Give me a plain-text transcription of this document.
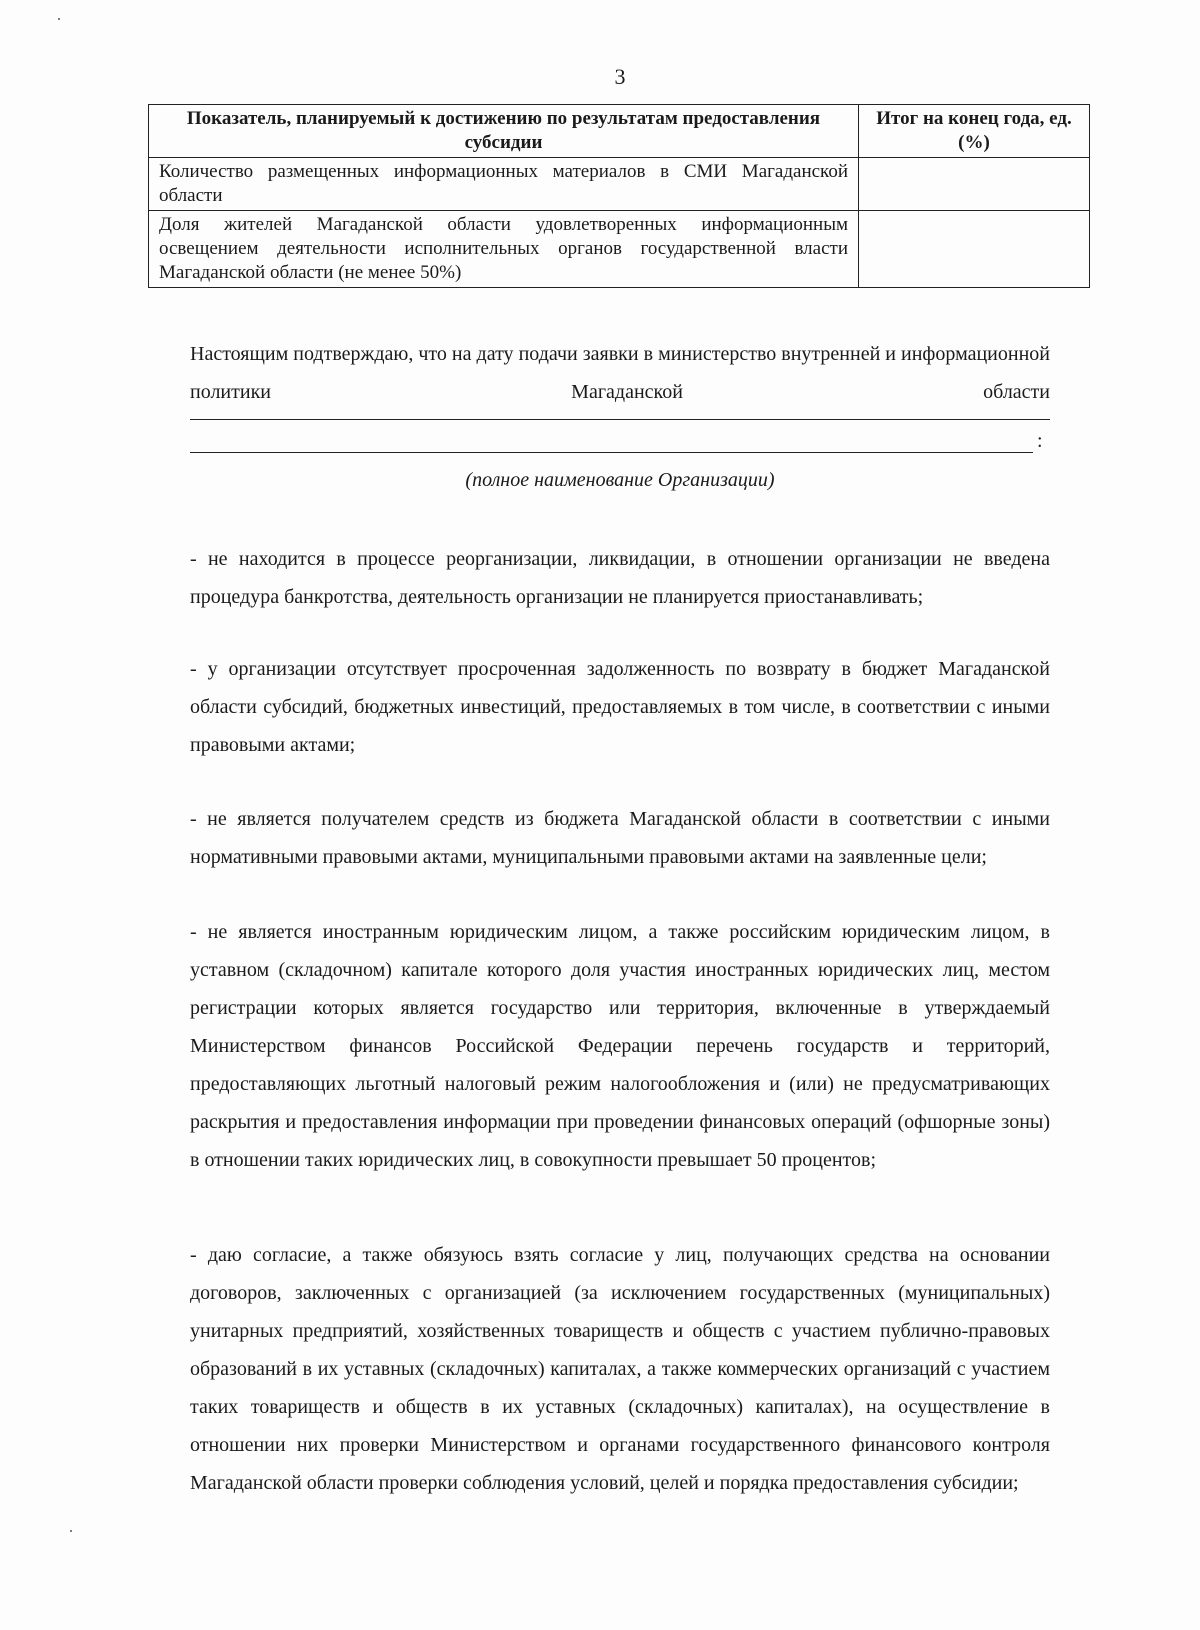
3
Показатель, планируемый к достижению по результатам предоставления субсидии	Итог на конец года, ед. (%)
Количество размещенных информационных материалов в СМИ Магаданской области	
Доля жителей Магаданской области удовлетворенных информационным освещением деятельности исполнительных органов государственной власти Магаданской области (не менее 50%)	

Настоящим подтверждаю, что на дату подачи заявки в министерство внутренней и информационной политики Магаданской области

:
(полное наименование Организации)

- не находится в процессе реорганизации, ликвидации, в отношении организации не введена процедура банкротства, деятельность организации не планируется приостанавливать;

- у организации отсутствует просроченная задолженность по возврату в бюджет Магаданской области субсидий, бюджетных инвестиций, предоставляемых в том числе, в соответствии с иными правовыми актами;

- не является получателем средств из бюджета Магаданской области в соответствии с иными нормативными правовыми актами, муниципальными правовыми актами на заявленные цели;

- не является иностранным юридическим лицом, а также российским юридическим лицом, в уставном (складочном) капитале которого доля участия иностранных юридических лиц, местом регистрации которых является государство или территория, включенные в утверждаемый Министерством финансов Российской Федерации перечень государств и территорий, предоставляющих льготный налоговый режим налогообложения и (или) не предусматривающих раскрытия и предоставления информации при проведении финансовых операций (офшорные зоны) в отношении таких юридических лиц, в совокупности превышает 50 процентов;

- даю согласие, а также обязуюсь взять согласие у лиц, получающих средства на основании договоров, заключенных с организацией (за исключением государственных (муниципальных) унитарных предприятий, хозяйственных товариществ и обществ с участием публично-правовых образований в их уставных (складочных) капиталах, а также коммерческих организаций с участием таких товариществ и обществ в их уставных (складочных) капиталах), на осуществление в отношении них проверки Министерством и органами государственного финансового контроля Магаданской области проверки соблюдения условий, целей и порядка предоставления субсидии;
